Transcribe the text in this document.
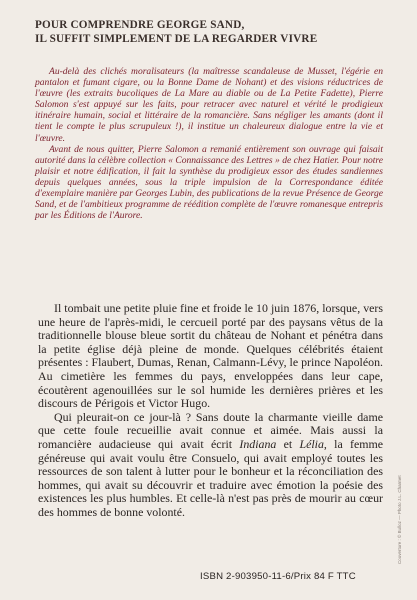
POUR COMPRENDRE GEORGE SAND,
IL SUFFIT SIMPLEMENT DE LA REGARDER VIVRE

Au-delà des clichés moralisateurs (la maîtresse scandaleuse de Musset, l'égérie en pantalon et fumant cigare, ou la Bonne Dame de Nohant) et des visions réductrices de l'œuvre (les extraits bucoliques de La Mare au diable ou de La Petite Fadette), Pierre Salomon s'est appuyé sur les faits, pour retracer avec naturel et vérité le prodigieux itinéraire humain, social et littéraire de la romancière. Sans négliger les amants (dont il tient le compte le plus scrupuleux !), il institue un chaleureux dialogue entre la vie et l'œuvre.

Avant de nous quitter, Pierre Salomon a remanié entièrement son ouvrage qui faisait autorité dans la célèbre collection « Connaissance des Lettres » de chez Hatier. Pour notre plaisir et notre édification, il fait la synthèse du prodigieux essor des études sandiennes depuis quelques années, sous la triple impulsion de la Correspondance éditée d'exemplaire manière par Georges Lubin, des publications de la revue Présence de George Sand, et de l'ambitieux programme de réédition complète de l'œuvre romanesque entrepris par les Éditions de l'Aurore.

Il tombait une petite pluie fine et froide le 10 juin 1876, lorsque, vers une heure de l'après-midi, le cercueil porté par des paysans vêtus de la traditionnelle blouse bleue sortit du château de Nohant et pénétra dans la petite église déjà pleine de monde. Quelques célébrités étaient présentes : Flaubert, Dumas, Renan, Calmann-Lévy, le prince Napoléon. Au cimetière les femmes du pays, enveloppées dans leur cape, écoutèrent agenouillées sur le sol humide les dernières prières et les discours de Périgois et Victor Hugo.

Qui pleurait-on ce jour-là ? Sans doute la charmante vieille dame que cette foule recueillie avait connue et aimée. Mais aussi la romancière audacieuse qui avait écrit Indiana et Lélia, la femme généreuse qui avait voulu être Consuelo, qui avait employé toutes les ressources de son talent à lutter pour le bonheur et la réconciliation des hommes, qui avait su découvrir et traduire avec émotion la poésie des existences les plus humbles. Et celle-là n'est pas près de mourir au cœur des hommes de bonne volonté.	Couverture : © Bulloz — Photo J.L. Charmet
ISBN 2-903950-11-6/Prix 84 F TTC
